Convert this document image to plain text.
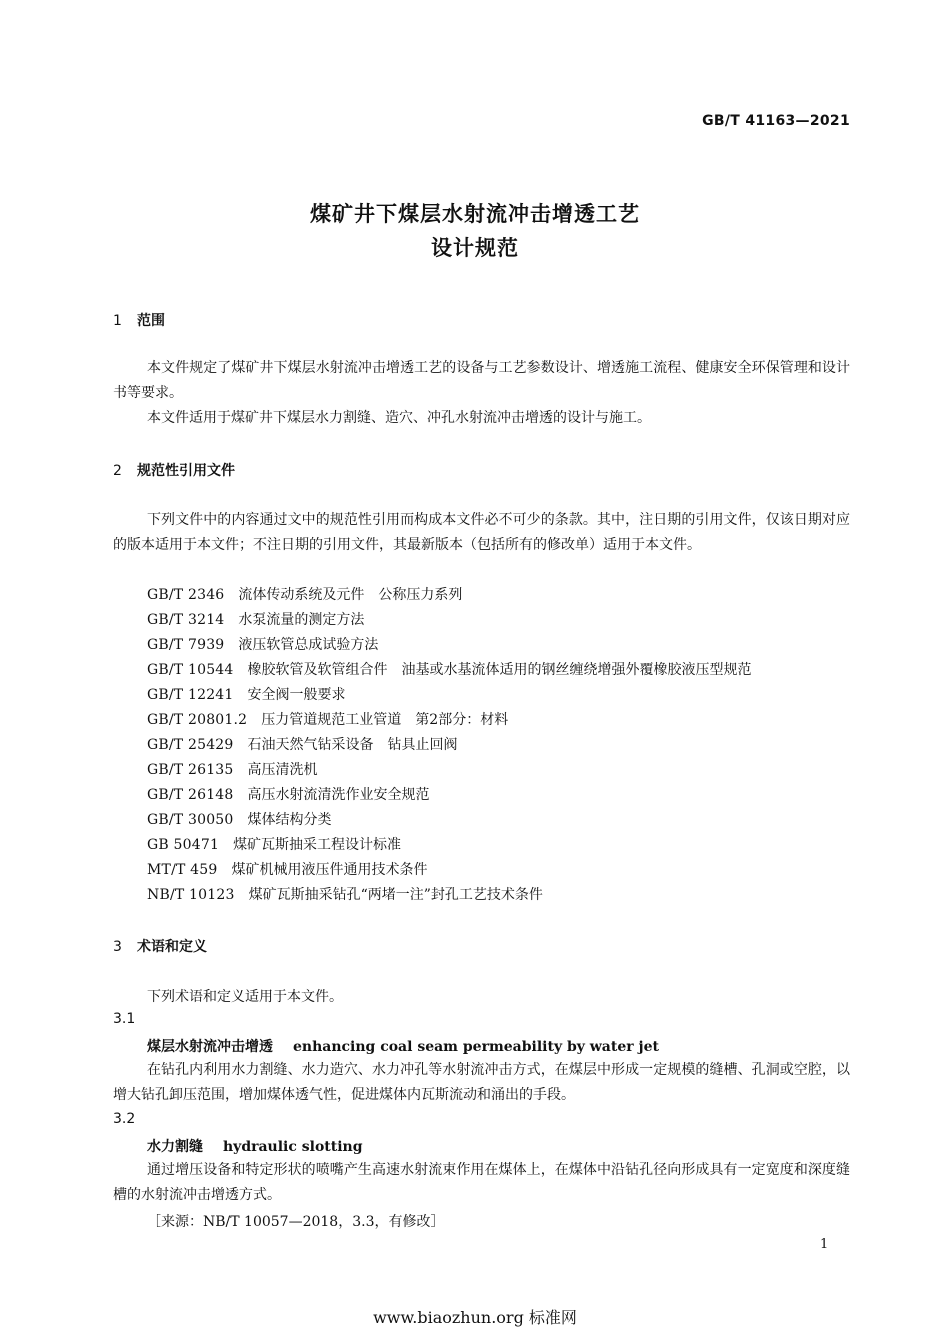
GB/T 41163—2021
煤矿井下煤层水射流冲击增透工艺
设计规范
1 范围
本文件规定了煤矿井下煤层水射流冲击增透工艺的设备与工艺参数设计、增透施工流程、健康安全环保管理和设计书等要求。
本文件适用于煤矿井下煤层水力割缝、造穴、冲孔水射流冲击增透的设计与施工。
2 规范性引用文件
下列文件中的内容通过文中的规范性引用而构成本文件必不可少的条款。其中，注日期的引用文件，仅该日期对应的版本适用于本文件；不注日期的引用文件，其最新版本（包括所有的修改单）适用于本文件。
GB/T 2346 流体传动系统及元件　公称压力系列
GB/T 3214 水泵流量的测定方法
GB/T 7939 液压软管总成试验方法
GB/T 10544 橡胶软管及软管组合件　油基或水基流体适用的钢丝缠绕增强外覆橡胶液压型规范
GB/T 12241 安全阀一般要求
GB/T 20801.2 压力管道规范工业管道　第2部分：材料
GB/T 25429 石油天然气钻采设备　钻具止回阀
GB/T 26135 高压清洗机
GB/T 26148 高压水射流清洗作业安全规范
GB/T 30050 煤体结构分类
GB 50471 煤矿瓦斯抽采工程设计标准
MT/T 459 煤矿机械用液压件通用技术条件
NB/T 10123 煤矿瓦斯抽采钻孔“两堵一注”封孔工艺技术条件
3 术语和定义
下列术语和定义适用于本文件。
3.1
煤层水射流冲击增透 enhancing coal seam permeability by water jet
在钻孔内利用水力割缝、水力造穴、水力冲孔等水射流冲击方式，在煤层中形成一定规模的缝槽、孔洞或空腔，以增大钻孔卸压范围，增加煤体透气性，促进煤体内瓦斯流动和涌出的手段。
3.2
水力割缝 hydraulic slotting
通过增压设备和特定形状的喷嘴产生高速水射流束作用在煤体上，在煤体中沿钻孔径向形成具有一定宽度和深度缝槽的水射流冲击增透方式。
［来源：NB/T 10057—2018，3.3，有修改］
1
www.biaozhun.org 标准网
